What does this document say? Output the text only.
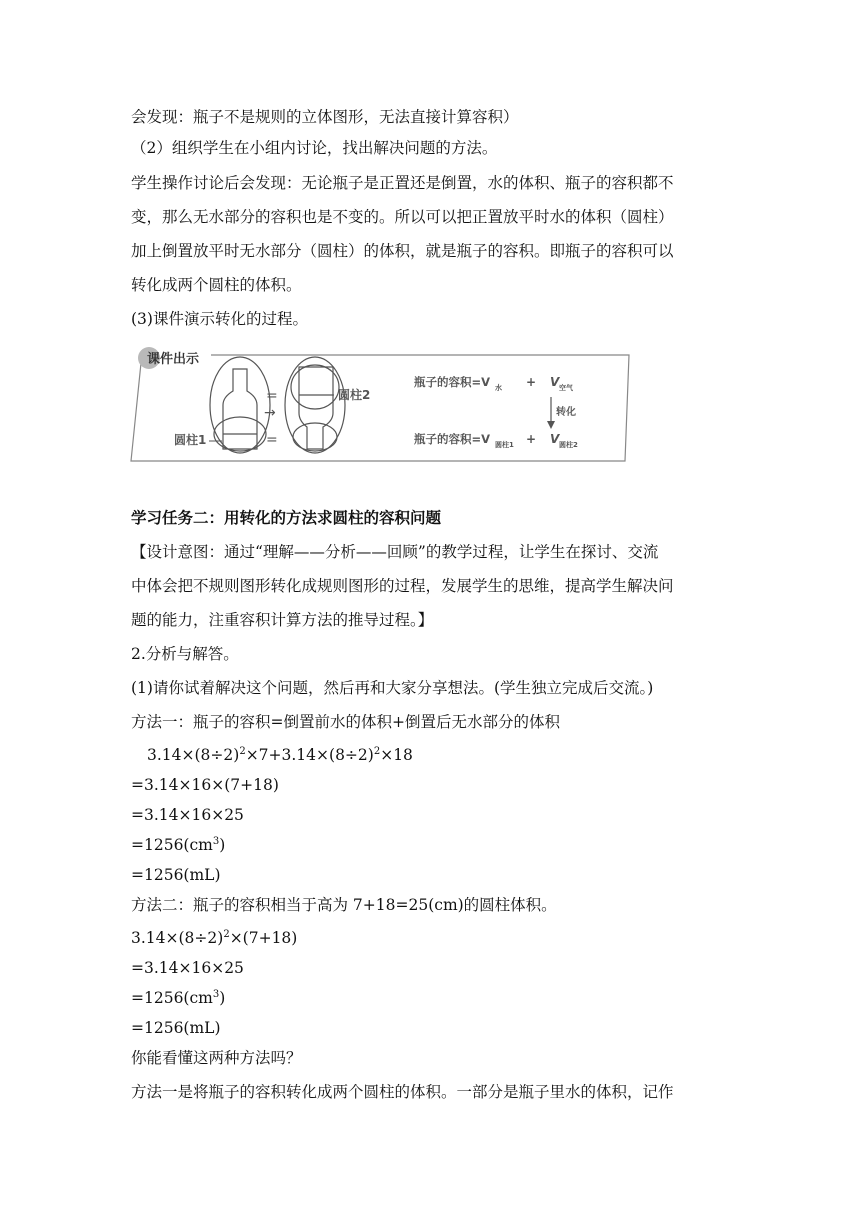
会发现：瓶子不是规则的立体图形，无法直接计算容积）
（2）组织学生在小组内讨论，找出解决问题的方法。
学生操作讨论后会发现：无论瓶子是正置还是倒置，水的体积、瓶子的容积都不
变，那么无水部分的容积也是不变的。所以可以把正置放平时水的体积（圆柱）
加上倒置放平时无水部分（圆柱）的体积，就是瓶子的容积。即瓶子的容积可以
转化成两个圆柱的体积。
(3)课件演示转化的过程。
课件出示
圆柱1
=
→
=
圆柱2
瓶子的容积=V 水 + V 空气
转化
瓶子的容积=V 圆柱1 + V 圆柱2
学习任务二：用转化的方法求圆柱的容积问题
【设计意图：通过“理解——分析——回顾”的教学过程，让学生在探讨、交流
中体会把不规则图形转化成规则图形的过程，发展学生的思维，提高学生解决问
题的能力，注重容积计算方法的推导过程。】
2.分析与解答。
(1)请你试着解决这个问题，然后再和大家分享想法。(学生独立完成后交流。)
方法一：瓶子的容积=倒置前水的体积+倒置后无水部分的体积
$3.14\times(8\div 2)^2\times 7+3.14\times(8\div 2)^2\times 18$
=3.14×16×(7+18)
=3.14×16×25
$=1256(cm^3)$
=1256(mL)
方法二：瓶子的容积相当于高为 7+18=25(cm)的圆柱体积。
$3.14\times(8\div 2)^2\times(7+18)$
=3.14×16×25
$=1256(cm^3)$
=1256(mL)
你能看懂这两种方法吗？
方法一是将瓶子的容积转化成两个圆柱的体积。一部分是瓶子里水的体积，记作
